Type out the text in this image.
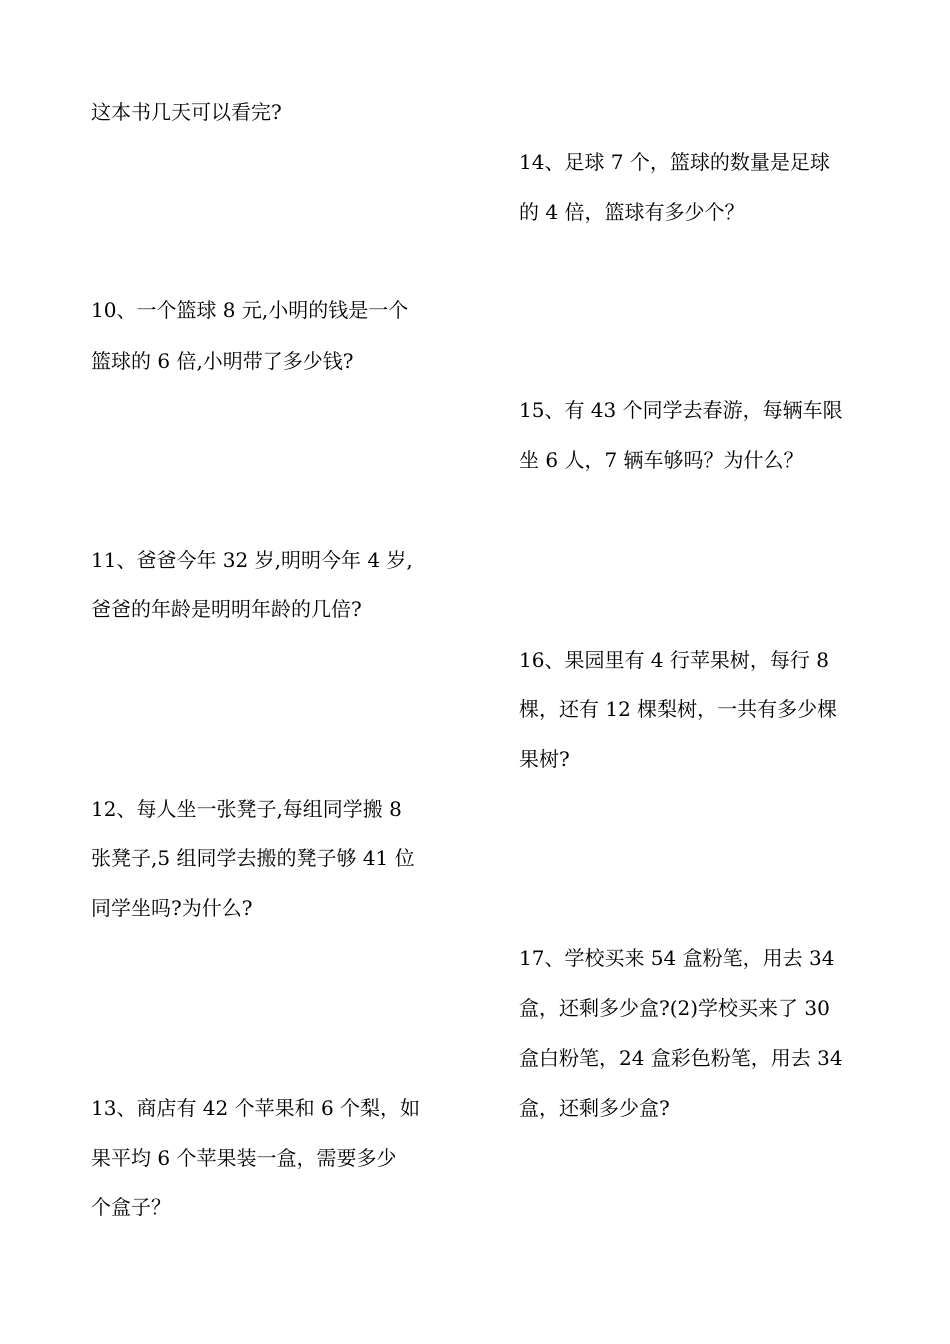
这本书几天可以看完?
10、一个篮球 8 元,小明的钱是一个
篮球的 6 倍,小明带了多少钱?
11、爸爸今年 32 岁,明明今年 4 岁,
爸爸的年龄是明明年龄的几倍?
12、每人坐一张凳子,每组同学搬 8
张凳子,5 组同学去搬的凳子够 41 位
同学坐吗?为什么?
13、商店有 42 个苹果和 6 个梨，如
果平均 6 个苹果装一盒，需要多少
个盒子？
14、足球 7 个，篮球的数量是足球
的 4 倍，篮球有多少个？
15、有 43 个同学去春游，每辆车限
坐 6 人，7 辆车够吗？为什么？
16、果园里有 4 行苹果树，每行 8
棵，还有 12 棵梨树，一共有多少棵
果树?
17、学校买来 54 盒粉笔，用去 34
盒，还剩多少盒?(2)学校买来了 30
盒白粉笔，24 盒彩色粉笔，用去 34
盒，还剩多少盒?
